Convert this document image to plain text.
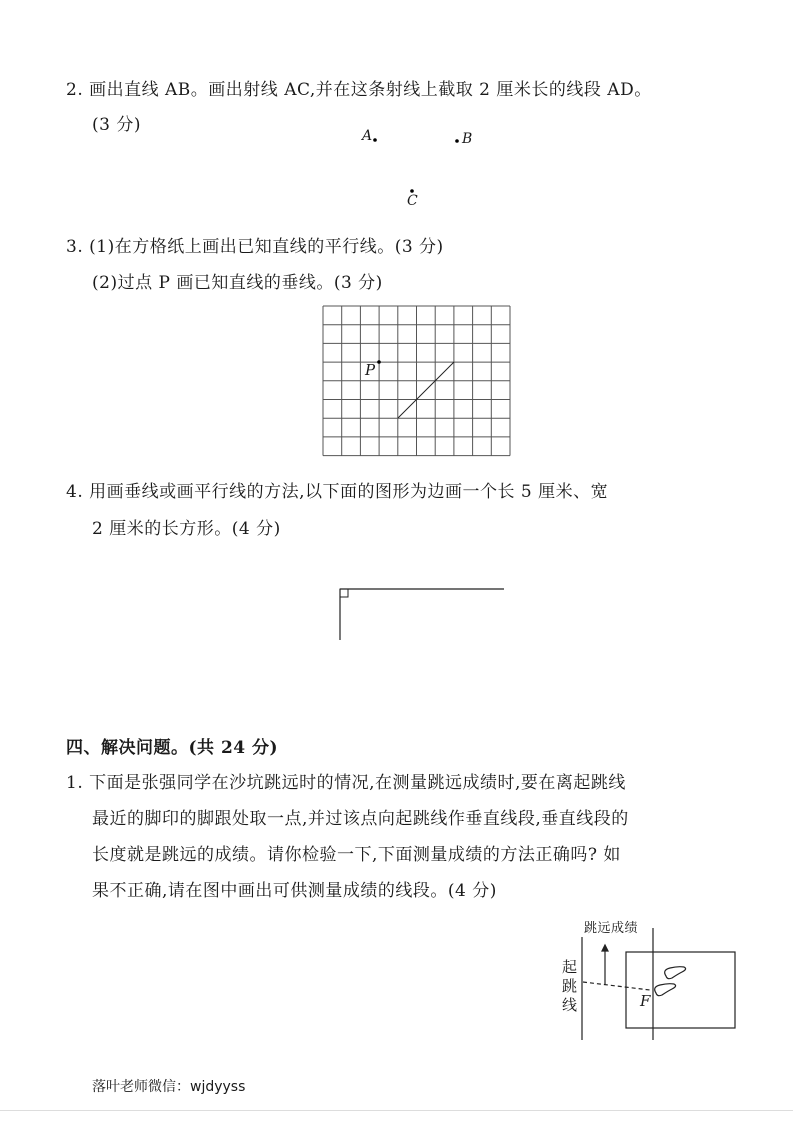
2. 画出直线 AB。画出射线 AC,并在这条射线上截取 2 厘米长的线段 AD。
(3 分)
A	B
C
3. (1)在方格纸上画出已知直线的平行线。(3 分)
(2)过点 P 画已知直线的垂线。(3 分)
P
4. 用画垂线或画平行线的方法,以下面的图形为边画一个长 5 厘米、宽
2 厘米的长方形。(4 分)
四、解决问题。(共 24 分)
1. 下面是张强同学在沙坑跳远时的情况,在测量跳远成绩时,要在离起跳线
最近的脚印的脚跟处取一点,并过该点向起跳线作垂直线段,垂直线段的
长度就是跳远的成绩。请你检验一下,下面测量成绩的方法正确吗? 如
果不正确,请在图中画出可供测量成绩的线段。(4 分)
跳远成绩
起
跳
线	F
落叶老师微信：wjdyyss
